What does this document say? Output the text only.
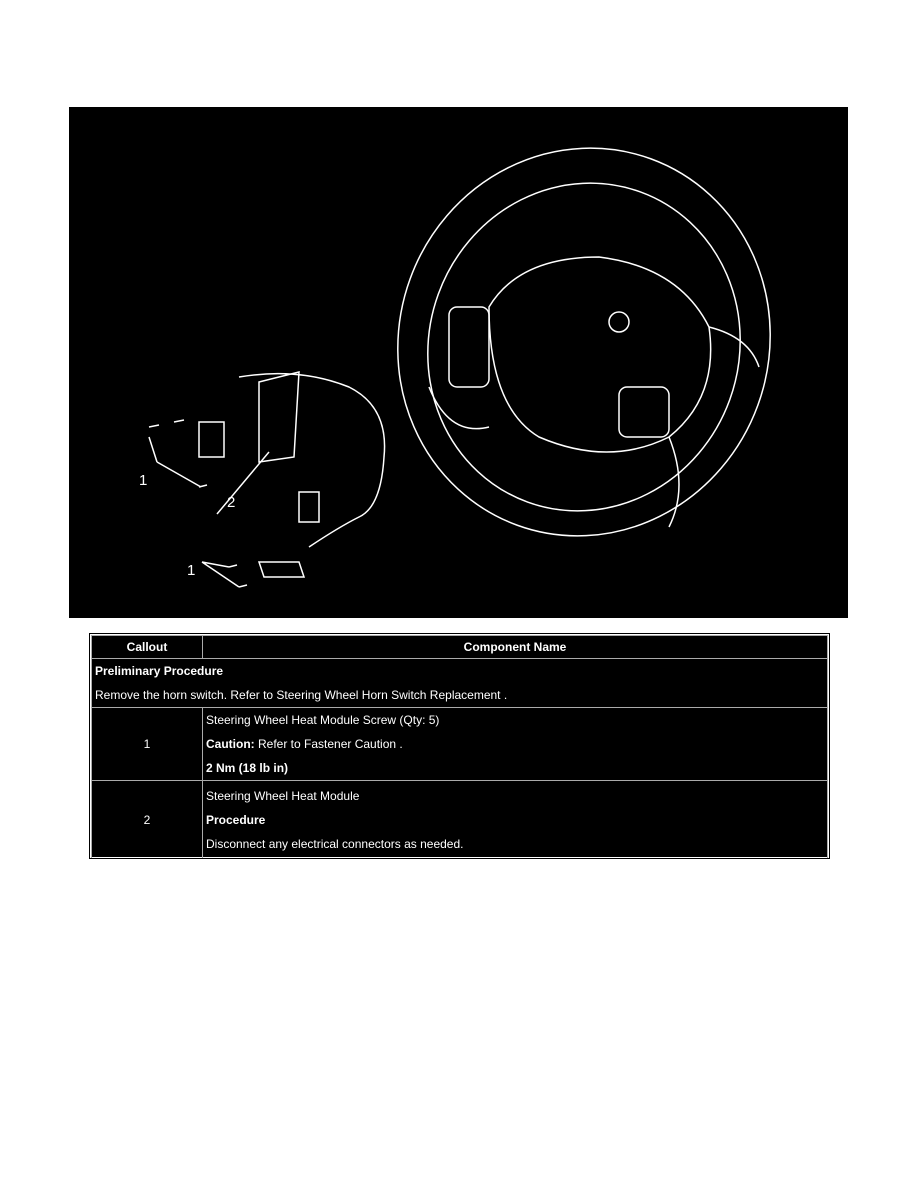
1
2
1
Callout	Component Name

Preliminary Procedure

Remove the horn switch. Refer to Steering Wheel Horn Switch Replacement .	

1	Steering Wheel Heat Module Screw (Qty: 5)

Caution: Refer to Fastener Caution .

2 Nm (18 lb in)

2	Steering Wheel Heat Module

Procedure

Disconnect any electrical connectors as needed.
